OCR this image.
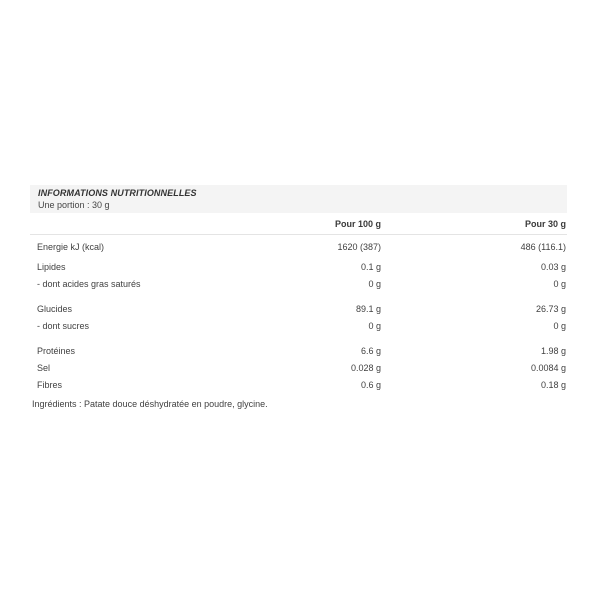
INFORMATIONS NUTRITIONNELLES
Une portion : 30 g
Pour 100 g	Pour 30 g
Energie kJ (kcal)	1620 (387)	486 (116.1)
Lipides	0.1 g	0.03 g
- dont acides gras saturés	0 g	0 g
Glucides	89.1 g	26.73 g
- dont sucres	0 g	0 g
Protéines	6.6 g	1.98 g
Sel	0.028 g	0.0084 g
Fibres	0.6 g	0.18 g
Ingrédients : Patate douce déshydratée en poudre, glycine.
